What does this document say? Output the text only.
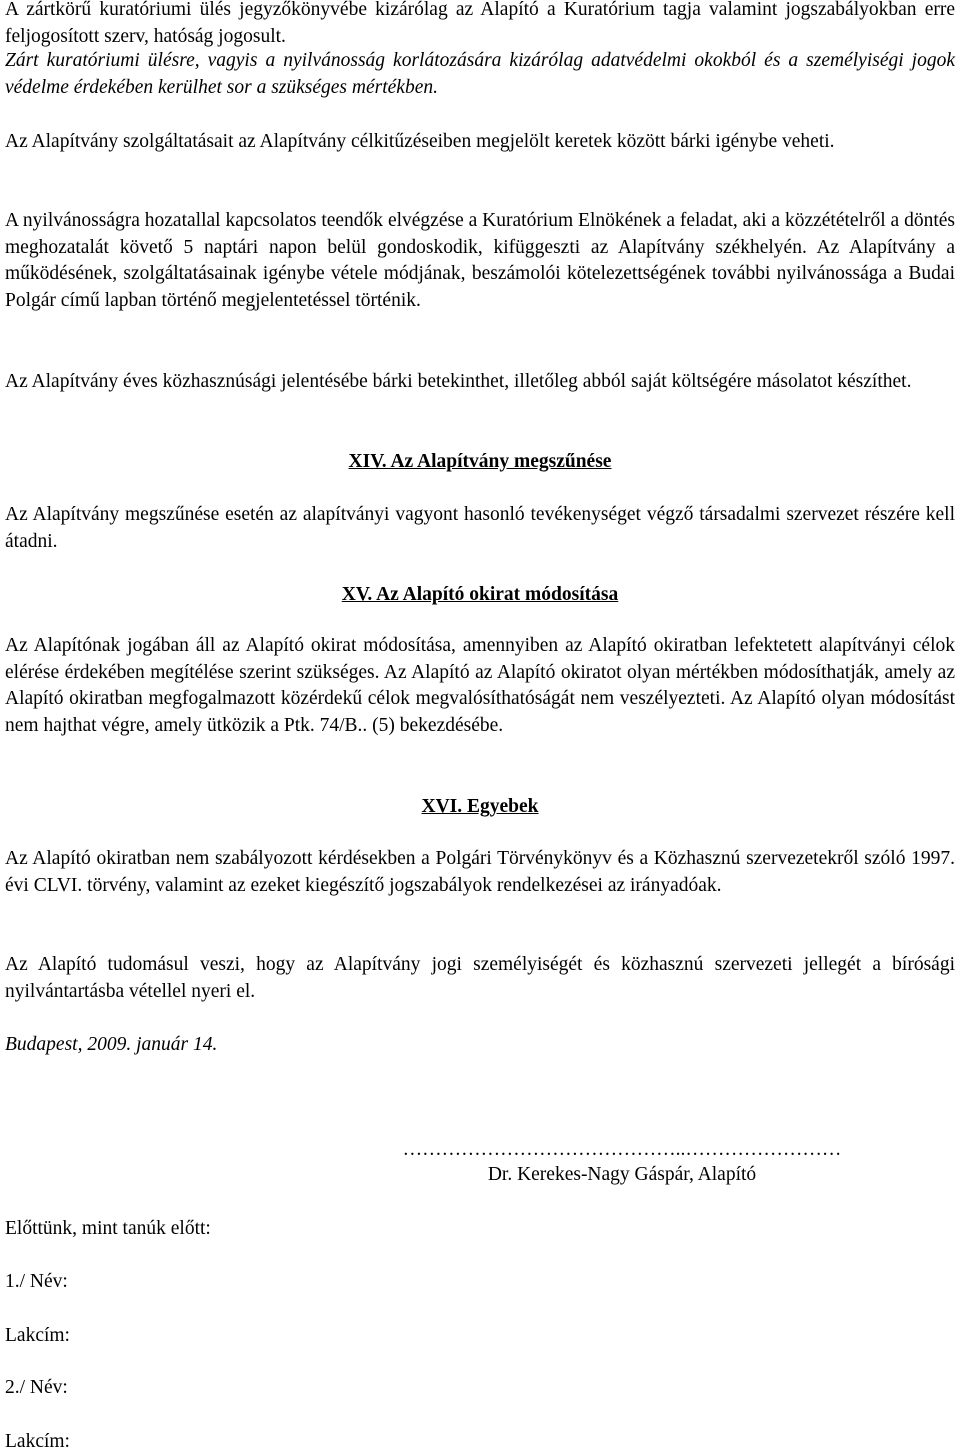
A zártkörű kuratóriumi ülés jegyzőkönyvébe kizárólag az Alapító a Kuratórium tagja valamint jogszabályokban erre feljogosított szerv, hatóság jogosult.

Zárt kuratóriumi ülésre, vagyis a nyilvánosság korlátozására kizárólag adatvédelmi okokból és a személyiségi jogok védelme érdekében kerülhet sor a szükséges mértékben.

Az Alapítvány szolgáltatásait az Alapítvány célkitűzéseiben megjelölt keretek között bárki igénybe veheti.

A nyilvánosságra hozatallal kapcsolatos teendők elvégzése a Kuratórium Elnökének a feladat, aki a közzétételről a döntés meghozatalát követő 5 naptári napon belül gondoskodik, kifüggeszti az Alapítvány székhelyén. Az Alapítvány a működésének, szolgáltatásainak igénybe vétele módjának, beszámolói kötelezettségének további nyilvánossága a Budai Polgár című lapban történő megjelentetéssel történik.

Az Alapítvány éves közhasznúsági jelentésébe bárki betekinthet, illetőleg abból saját költségére másolatot készíthet.

XIV. Az Alapítvány megszűnése

Az Alapítvány megszűnése esetén az alapítványi vagyont hasonló tevékenységet végző társadalmi szervezet részére kell átadni.

XV. Az Alapító okirat módosítása

Az Alapítónak jogában áll az Alapító okirat módosítása, amennyiben az Alapító okiratban lefektetett alapítványi célok elérése érdekében megítélése szerint szükséges. Az Alapító az Alapító okiratot olyan mértékben módosíthatják, amely az Alapító okiratban megfogalmazott közérdekű célok megvalósíthatóságát nem veszélyezteti. Az Alapító olyan módosítást nem hajthat végre, amely ütközik a Ptk. 74/B.. (5) bekezdésébe.

XVI. Egyebek

Az Alapító okiratban nem szabályozott kérdésekben a Polgári Törvénykönyv és a Közhasznú szervezetekről szóló 1997. évi CLVI. törvény, valamint az ezeket kiegészítő jogszabályok rendelkezései az irányadóak.

Az Alapító tudomásul veszi, hogy az Alapítvány jogi személyiségét és közhasznú szervezeti jellegét a bírósági nyilvántartásba vétellel nyeri el.

Budapest, 2009. január 14.

……………………………………..……………………
Dr. Kerekes-Nagy Gáspár, Alapító
Előttünk, mint tanúk előtt:
1./ Név:
Lakcím:
2./ Név:
Lakcím:
